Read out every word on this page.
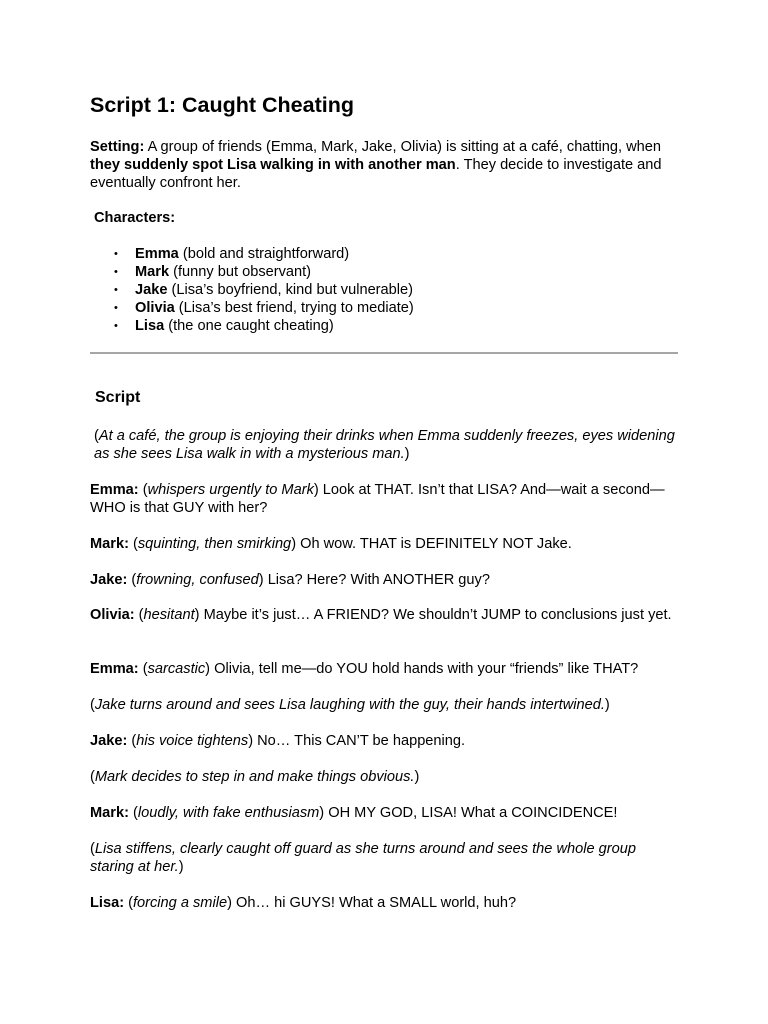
Script 1: Caught Cheating

Setting: A group of friends (Emma, Mark, Jake, Olivia) is sitting at a café, chatting, when they suddenly spot Lisa walking in with another man. They decide to investigate and eventually confront her.

Characters:

• Emma (bold and straightforward)
• Mark (funny but observant)
• Jake (Lisa’s boyfriend, kind but vulnerable)
• Olivia (Lisa’s best friend, trying to mediate)
• Lisa (the one caught cheating)

Script

(At a café, the group is enjoying their drinks when Emma suddenly freezes, eyes widening as she sees Lisa walk in with a mysterious man.)

Emma: (whispers urgently to Mark) Look at THAT. Isn’t that LISA? And—wait a second—WHO is that GUY with her?

Mark: (squinting, then smirking) Oh wow. THAT is DEFINITELY NOT Jake.

Jake: (frowning, confused) Lisa? Here? With ANOTHER guy?

Olivia: (hesitant) Maybe it’s just… A FRIEND? We shouldn’t JUMP to conclusions just yet.

Emma: (sarcastic) Olivia, tell me—do YOU hold hands with your “friends” like THAT?

(Jake turns around and sees Lisa laughing with the guy, their hands intertwined.)

Jake: (his voice tightens) No… This CAN’T be happening.

(Mark decides to step in and make things obvious.)

Mark: (loudly, with fake enthusiasm) OH MY GOD, LISA! What a COINCIDENCE!

(Lisa stiffens, clearly caught off guard as she turns around and sees the whole group staring at her.)

Lisa: (forcing a smile) Oh… hi GUYS! What a SMALL world, huh?
